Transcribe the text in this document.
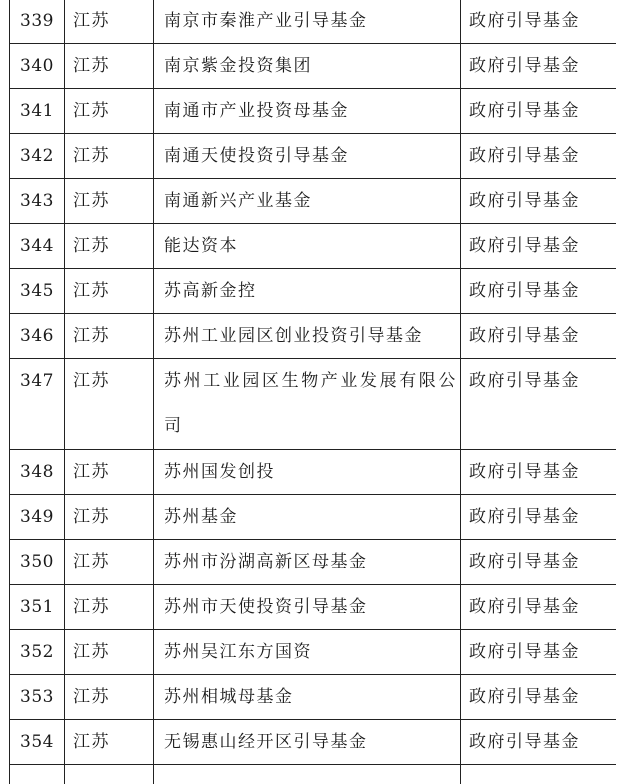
339	江苏	南京市秦淮产业引导基金	政府引导基金
340	江苏	南京紫金投资集团	政府引导基金
341	江苏	南通市产业投资母基金	政府引导基金
342	江苏	南通天使投资引导基金	政府引导基金
343	江苏	南通新兴产业基金	政府引导基金
344	江苏	能达资本	政府引导基金
345	江苏	苏高新金控	政府引导基金
346	江苏	苏州工业园区创业投资引导基金	政府引导基金
347	江苏	苏州工业园区生物产业发展有限公司	政府引导基金
348	江苏	苏州国发创投	政府引导基金
349	江苏	苏州基金	政府引导基金
350	江苏	苏州市汾湖高新区母基金	政府引导基金
351	江苏	苏州市天使投资引导基金	政府引导基金
352	江苏	苏州吴江东方国资	政府引导基金
353	江苏	苏州相城母基金	政府引导基金
354	江苏	无锡惠山经开区引导基金	政府引导基金
